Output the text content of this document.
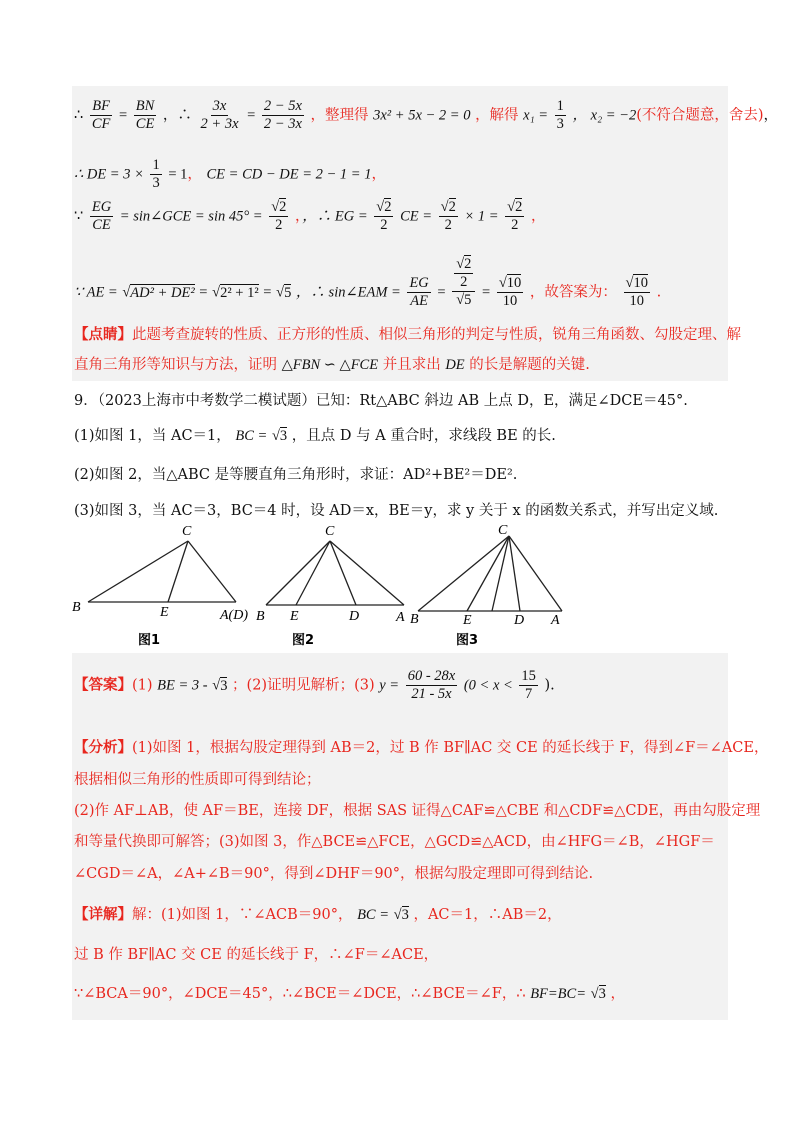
∴ $\frac{BF}{CF} = \frac{BN}{CE}$ ，∴ $\frac{3x}{2 + 3x} = \frac{2 - 5x}{2 - 3x}$ ，整理得 3x² + 5x − 2 = 0 ，解得 $x_1 = \frac{1}{3}$ ， x₂ = −2(不符合题意，舍去)，
∴ DE = $3 \times \frac{1}{3} = 1$， CE = CD − DE = 2 − 1 = 1，
∵ $\frac{EG}{CE}$ = sin∠GCE = $\sin 45^\circ = \frac{√2}{2}$ ，，∴ EG = $\frac{√2}{2}$ CE = $\frac{√2}{2} \times 1 = \frac{√2}{2}$ ，
∵ AE = √AD² + DE² = √2² + 1² = √5 ，∴ sin∠EAM = $\frac{EG}{AE} = \frac{\frac{√2}{2}}{√5} = \frac{√10}{10}$ ，故答案为： $\frac{√10}{10}$ .
【点睛】此题考查旋转的性质、正方形的性质、相似三角形的判定与性质，锐角三角函数、勾股定理、解
直角三角形等知识与方法，证明 △FBN ∽ △FCE 并且求出 DE 的长是解题的关键.
9．（2023上海市中考数学二模试题）已知：Rt△ABC 斜边 AB 上点 D，E，满足∠DCE＝45°.
(1)如图 1，当 AC＝1， BC = √3 ，且点 D 与 A 重合时，求线段 BE 的长.
(2)如图 2，当△ABC 是等腰直角三角形时，求证：AD²+BE²＝DE².
(3)如图 3，当 AC＝3，BC＝4 时，设 AD＝x，BE＝y，求 y 关于 x 的函数关系式，并写出定义域.
C
B	E	A(D)
图1
C
B E	D	A
图2
C
B	E	D A
图3
【答案】(1) BE = 3 - √3 ；(2)证明见解析；(3) $y = \frac{60 - 28x}{21 - 5x} (0 < x < \frac{15}{7}$ ).
【分析】(1)如图 1，根据勾股定理得到 AB＝2，过 B 作 BF∥AC 交 CE 的延长线于 F，得到∠F＝∠ACE，
根据相似三角形的性质即可得到结论；
(2)作 AF⊥AB，使 AF＝BE，连接 DF，根据 SAS 证得△CAF≌△CBE 和△CDF≌△CDE，再由勾股定理
和等量代换即可解答；(3)如图 3，作△BCE≌△FCE，△GCD≌△ACD，由∠HFG＝∠B，∠HGF＝
∠CGD＝∠A，∠A+∠B＝90°，得到∠DHF＝90°，根据勾股定理即可得到结论.
【详解】解：(1)如图 1，∵∠ACB＝90°， BC = √3 ，AC＝1，∴AB＝2，
过 B 作 BF∥AC 交 CE 的延长线于 F，∴∠F＝∠ACE，
∵∠BCA＝90°，∠DCE＝45°，∴∠BCE＝∠DCE，∴∠BCE＝∠F，∴ BF=BC= √3 ，
